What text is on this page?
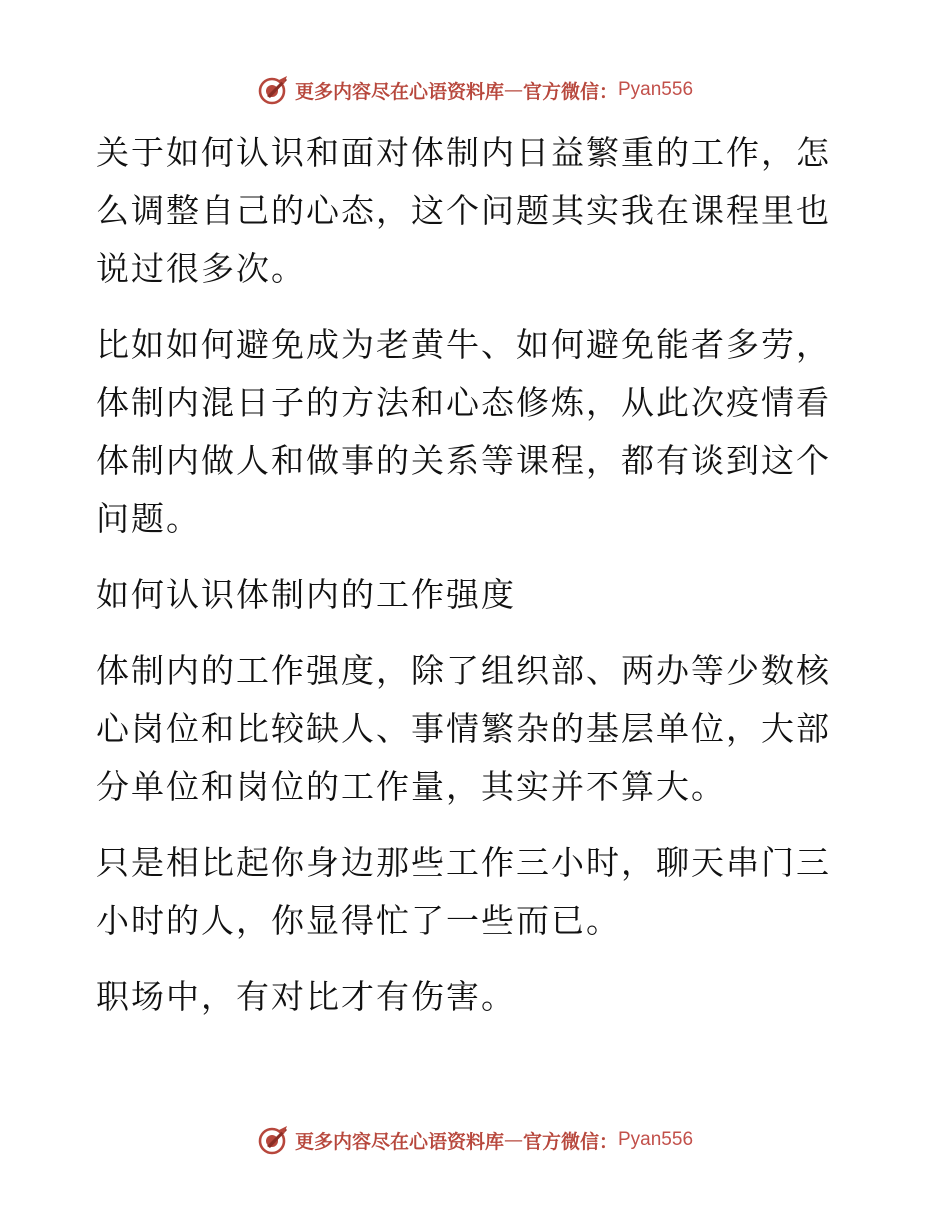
更多内容尽在心语资料库 — 官方微信： Pyan556

关于如何认识和面对体制内日益繁重的工作，怎么调整自己的心态，这个问题其实我在课程里也说过很多次。

比如如何避免成为老黄牛、如何避免能者多劳，体制内混日子的方法和心态修炼，从此次疫情看体制内做人和做事的关系等课程，都有谈到这个问题。

如何认识体制内的工作强度

体制内的工作强度，除了组织部、两办等少数核心岗位和比较缺人、事情繁杂的基层单位，大部分单位和岗位的工作量，其实并不算大。

只是相比起你身边那些工作三小时，聊天串门三小时的人，你显得忙了一些而已。

职场中，有对比才有伤害。

更多内容尽在心语资料库 — 官方微信： Pyan556
